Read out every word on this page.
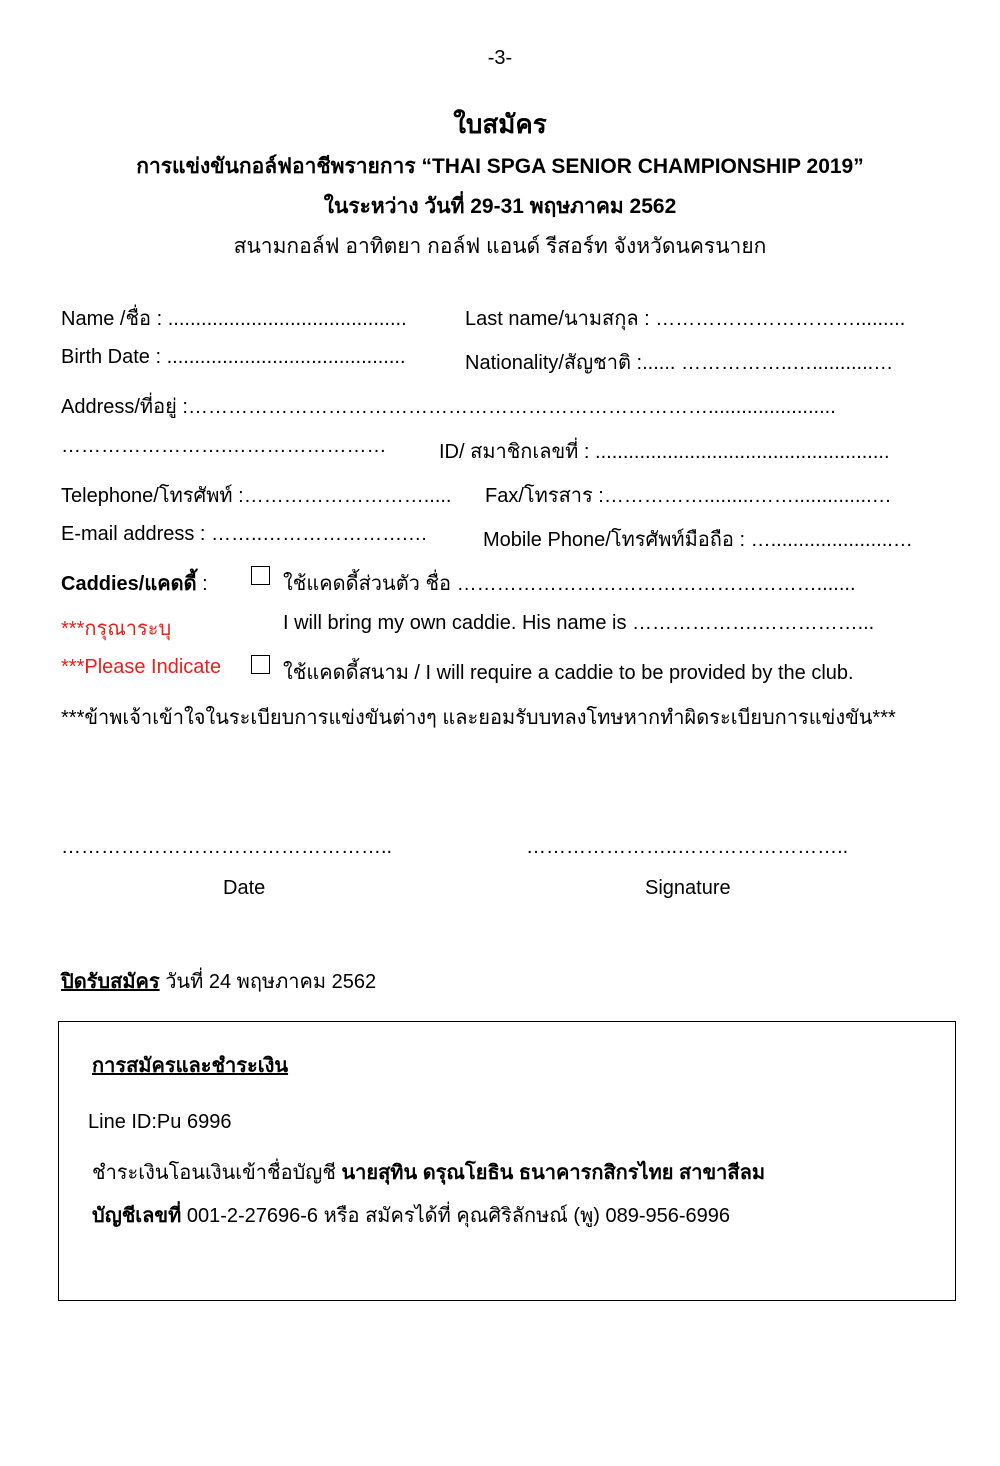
-3-
ใบสมัคร
การแข่งขันกอล์ฟอาชีพรายการ “THAI SPGA SENIOR CHAMPIONSHIP 2019”
ในระหว่าง วันที่ 29-31 พฤษภาคม 2562
สนามกอล์ฟ อาทิตยา กอล์ฟ แอนด์ รีสอร์ท จังหวัดนครนายก
Name /ชื่อ : ...........................................	Last name/นามสกุล : ………………………….........
Birth Date : ...........................................	Nationality/สัญชาติ :...... ……………..…...........…
Address/ที่อยู่ :…………………………………………………………………….......................
…………………….……………………	ID/ สมาชิกเลขที่ : .....................................................
Telephone/โทรศัพท์ :………………………..... Fax/โทรสาร :…………….........……..............…
E-mail address : ……..………………….…	Mobile Phone/โทรศัพท์มือถือ : …......................…
Caddies/แคดดี้ :	ใช้แคดดี้ส่วนตัว ชื่อ ……………………………………………….......
***กรุณาระบุ	I will bring my own caddie. His name is ……………….……………...
***Please Indicate	ใช้แคดดี้สนาม / I will require a caddie to be provided by the club.
***ข้าพเจ้าเข้าใจในระเบียบการแข่งขันต่างๆ และยอมรับบทลงโทษหากทำผิดระเบียบการแข่งขัน***
…………………………………………..	…………………..……………………..
Date	Signature
ปิดรับสมัคร วันที่ 24 พฤษภาคม 2562
การสมัครและชำระเงิน
Line ID:Pu 6996
ชำระเงินโอนเงินเข้าชื่อบัญชี นายสุทิน ดรุณโยธิน ธนาคารกสิกรไทย สาขาสีลม
บัญชีเลขที่ 001-2-27696-6 หรือ สมัครได้ที่ คุณศิริลักษณ์ (พู) 089-956-6996
